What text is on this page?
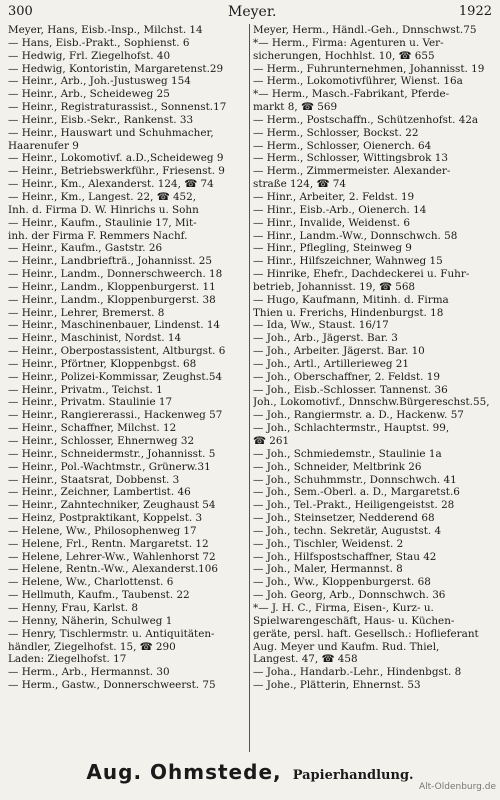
300	Meyer.	1922
Meyer, Hans, Eisb.-Insp., Milchst. 14
— Hans, Eisb.-Prakt., Sophienst. 6
— Hedwig, Frl. Ziegelhofst. 40
— Hedwig, Kontoristin, Margaretenst.29
— Heinr., Arb., Joh.-Justusweg 154
— Heinr., Arb., Scheideweg 25
— Heinr., Registraturassist., Sonnenst.17
— Heinr., Eisb.-Sekr., Rankenst. 33
— Heinr., Hauswart und Schuhmacher,
Haarenufer 9
— Heinr., Lokomotivf. a.D.,Scheideweg 9
— Heinr., Betriebswerkführ., Friesenst. 9
— Heinr., Km., Alexanderst. 124, ☎ 74
— Heinr., Km., Langest. 22, ☎ 452,
Inh. d. Firma D. W. Hinrichs u. Sohn
— Heinr., Kaufm., Staulinie 17, Mit-
inh. der Firma F. Remmers Nachf.
— Heinr., Kaufm., Gaststr. 26
— Heinr., Landbriefträ., Johannisst. 25
— Heinr., Landm., Donnerschweerch. 18
— Heinr., Landm., Kloppenburgerst. 11
— Heinr., Landm., Kloppenburgerst. 38
— Heinr., Lehrer, Bremerst. 8
— Heinr., Maschinenbauer, Lindenst. 14
— Heinr., Maschinist, Nordst. 14
— Heinr., Oberpostassistent, Altburgst. 6
— Heinr., Pförtner, Kloppenbgst. 68
— Heinr., Polizei-Kommissar, Zeughst.54
— Heinr., Privatm., Teichst. 1
— Heinr., Privatm. Staulinie 17
— Heinr., Rangiererassi., Hackenweg 57
— Heinr., Schaffner, Milchst. 12
— Heinr., Schlosser, Ehnernweg 32
— Heinr., Schneidermstr., Johannisst. 5
— Heinr., Pol.-Wachtmstr., Grünerw.31
— Heinr., Staatsrat, Dobbenst. 3
— Heinr., Zeichner, Lambertist. 46
— Heinr., Zahntechniker, Zeughaust 54
— Heinz, Postpraktikant, Koppelst. 3
— Helene, Ww., Philosophenweg 17
— Helene, Frl., Rentn. Margaretst. 12
— Helene, Lehrer-Ww., Wahlenhorst 72
— Helene, Rentn.-Ww., Alexanderst.106
— Helene, Ww., Charlottenst. 6
— Hellmuth, Kaufm., Taubenst. 22
— Henny, Frau, Karlst. 8
— Henny, Näherin, Schulweg 1
— Henry, Tischlermstr. u. Antiquitäten-
händler, Ziegelhofst. 15, ☎ 290
Laden: Ziegelhofst. 17
— Herm., Arb., Hermannst. 30
— Herm., Gastw., Donnerschweerst. 75
Meyer, Herm., Händl.-Geh., Dnnschwst.75
*— Herm., Firma: Agenturen u. Ver-
sicherungen, Hochhlst. 10, ☎ 655
— Herm., Fuhrunternehmen, Johannisst. 19
— Herm., Lokomotivführer, Wienst. 16a
*— Herm., Masch.-Fabrikant, Pferde-
markt 8, ☎ 569
— Herm., Postschaffn., Schützenhofst. 42a
— Herm., Schlosser, Bockst. 22
— Herm., Schlosser, Oienerch. 64
— Herm., Schlosser, Wittingsbrok 13
— Herm., Zimmermeister. Alexander-
straße 124, ☎ 74
— Hinr., Arbeiter, 2. Feldst. 19
— Hinr., Eisb.-Arb., Oienerch. 14
— Hinr., Invalide, Weidenst. 6
— Hinr., Landm.-Ww., Donnschwch. 58
— Hinr., Pflegling, Steinweg 9
— Hinr., Hilfszeichner, Wahnweg 15
— Hinrike, Ehefr., Dachdeckerei u. Fuhr-
betrieb, Johannisst. 19, ☎ 568
— Hugo, Kaufmann, Mitinh. d. Firma
Thien u. Frerichs, Hindenburgst. 18
— Ida, Ww., Staust. 16/17
— Joh., Arb., Jägerst. Bar. 3
— Joh., Arbeiter. Jägerst. Bar. 10
— Joh., Artl., Artillerieweg 21
— Joh., Oberschaffner, 2. Feldst. 19
— Joh., Eisb.-Schlosser. Tannenst. 36
Joh., Lokomotivf., Dnnschw.Bürgereschst.55,
— Joh., Rangiermstr. a. D., Hackenw. 57
— Joh., Schlachtermstr., Hauptst. 99,
☎ 261
— Joh., Schmiedemstr., Staulinie 1a
— Joh., Schneider, Meltbrink 26
— Joh., Schuhmmstr., Donnschwch. 41
— Joh., Sem.-Oberl. a. D., Margaretst.6
— Joh., Tel.-Prakt., Heiligengeistst. 28
— Joh., Steinsetzer, Nedderend 68
— Joh., techn. Sekretär, Augustst. 4
— Joh., Tischler, Weidenst. 2
— Joh., Hilfspostschaffner, Stau 42
— Joh., Maler, Hermannst. 8
— Joh., Ww., Kloppenburgerst. 68
— Joh. Georg, Arb., Donnschwch. 36
*— J. H. C., Firma, Eisen-, Kurz- u.
Spielwarengeschäft, Haus- u. Küchen-
geräte, persl. haft. Gesellsch.: Hoflieferant
Aug. Meyer und Kaufm. Rud. Thiel,
Langest. 47, ☎ 458
— Joha., Handarb.-Lehr., Hindenbgst. 8
— Johe., Plätterin, Ehnernst. 53
Aug. Ohmstede, Papierhandlung.
Alt-Oldenburg.de
